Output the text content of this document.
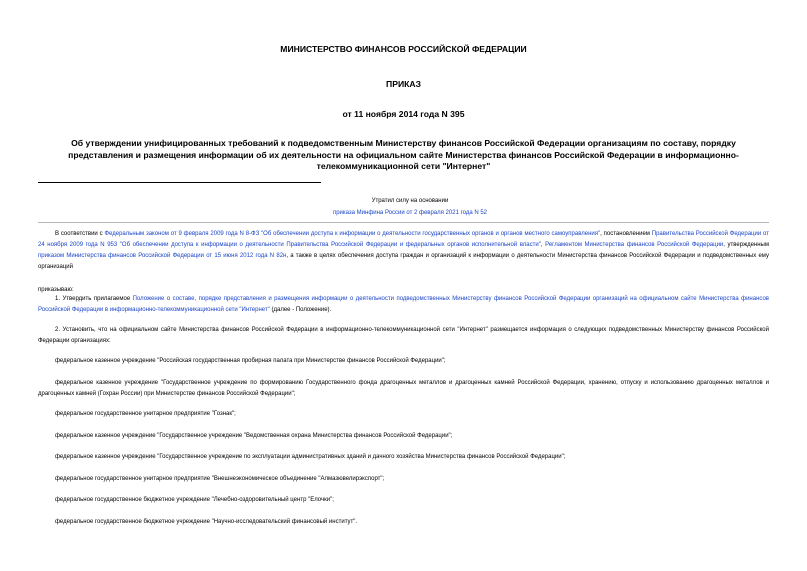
МИНИСТЕРСТВО ФИНАНСОВ РОССИЙСКОЙ ФЕДЕРАЦИИ
ПРИКАЗ
от 11 ноября 2014 года N 395
Об утверждении унифицированных требований к подведомственным Министерству финансов Российской Федерации организациям по составу, порядку представления и размещения информации об их деятельности на официальном сайте Министерства финансов Российской Федерации в информационно-телекоммуникационной сети "Интернет"
Утратил силу на основании
приказа Минфина России от 2 февраля 2021 года N 52
В соответствии с Федеральным законом от 9 февраля 2009 года N 8-ФЗ "Об обеспечении доступа к информации о деятельности государственных органов и органов местного самоуправления", постановлением Правительства Российской Федерации от 24 ноября 2009 года N 953 "Об обеспечении доступа к информации о деятельности Правительства Российской Федерации и федеральных органов исполнительной власти", Регламентом Министерства финансов Российской Федерации, утвержденным приказом Министерства финансов Российской Федерации от 15 июня 2012 года N 82н, а также в целях обеспечения доступа граждан и организаций к информации о деятельности Министерства финансов Российской Федерации и подведомственных ему организаций
приказываю:
1. Утвердить прилагаемое Положение о составе, порядке представления и размещения информации о деятельности подведомственных Министерству финансов Российской Федерации организаций на официальном сайте Министерства финансов Российской Федерации в информационно-телекоммуникационной сети "Интернет" (далее - Положение).
2. Установить, что на официальном сайте Министерства финансов Российской Федерации в информационно-телекоммуникационной сети "Интернет" размещается информация о следующих подведомственных Министерству финансов Российской Федерации организациях:
федеральное казенное учреждение "Российская государственная пробирная палата при Министерстве финансов Российской Федерации";
федеральное казенное учреждение "Государственное учреждение по формированию Государственного фонда драгоценных металлов и драгоценных камней Российской Федерации, хранению, отпуску и использованию драгоценных металлов и драгоценных камней (Гохран России) при Министерстве финансов Российской Федерации";
федеральное государственное унитарное предприятие "Гознак";
федеральное казенное учреждение "Государственное учреждение "Ведомственная охрана Министерства финансов Российской Федерации";
федеральное казенное учреждение "Государственное учреждение по эксплуатации административных зданий и дачного хозяйства Министерства финансов Российской Федерации";
федеральное государственное унитарное предприятие "Внешнеэкономическое объединение "Алмазювелирэкспорт";
федеральное государственное бюджетное учреждение "Лечебно-оздоровительный центр "Елочки";
федеральное государственное бюджетное учреждение "Научно-исследовательский финансовый институт".
